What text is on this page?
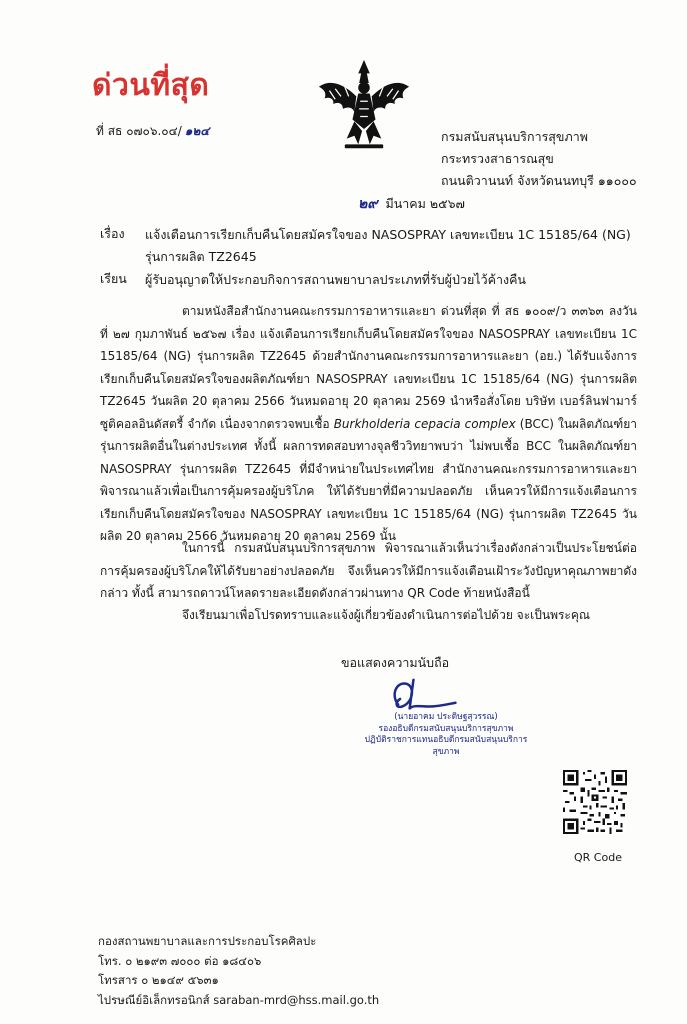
ด่วนที่สุด
ที่ สธ ๐๗๐๖.๐๔/ ๑๒๔	กรมสนับสนุนบริการสุขภาพ
กระทรวงสาธารณสุข
ถนนติวานนท์ จังหวัดนนทบุรี ๑๑๐๐๐
๒๙ มีนาคม ๒๕๖๗
เรื่อง แจ้งเตือนการเรียกเก็บคืนโดยสมัครใจของ NASOSPRAY เลขทะเบียน 1C 15185/64 (NG) รุ่นการผลิต TZ2645
เรียน ผู้รับอนุญาตให้ประกอบกิจการสถานพยาบาลประเภทที่รับผู้ป่วยไว้ค้างคืน

ตามหนังสือสำนักงานคณะกรรมการอาหารและยา ด่วนที่สุด ที่ สธ ๑๐๐๙/ว ๓๓๖๓ ลงวันที่ ๒๗ กุมภาพันธ์ ๒๕๖๗ เรื่อง แจ้งเตือนการเรียกเก็บคืนโดยสมัครใจของ NASOSPRAY เลขทะเบียน 1C 15185/64 (NG) รุ่นการผลิต TZ2645 ด้วยสำนักงานคณะกรรมการอาหารและยา (อย.) ได้รับแจ้งการเรียกเก็บคืนโดยสมัครใจของผลิตภัณฑ์ยา NASOSPRAY เลขทะเบียน 1C 15185/64 (NG) รุ่นการผลิต TZ2645 วันผลิต 20 ตุลาคม 2566 วันหมดอายุ 20 ตุลาคม 2569 นำหรือสั่งโดย บริษัท เบอร์ลินฟามาร์ซูติคอลอินดัสตรี้ จำกัด เนื่องจากตรวจพบเชื้อ Burkholderia cepacia complex (BCC) ในผลิตภัณฑ์ยารุ่นการผลิตอื่นในต่างประเทศ ทั้งนี้ ผลการทดสอบทางจุลชีววิทยาพบว่า ไม่พบเชื้อ BCC ในผลิตภัณฑ์ยา NASOSPRAY รุ่นการผลิต TZ2645 ที่มีจำหน่ายในประเทศไทย สำนักงานคณะกรรมการอาหารและยา พิจารณาแล้วเพื่อเป็นการคุ้มครองผู้บริโภค ให้ได้รับยาที่มีความปลอดภัย เห็นควรให้มีการแจ้งเตือนการเรียกเก็บคืนโดยสมัครใจของ NASOSPRAY เลขทะเบียน 1C 15185/64 (NG) รุ่นการผลิต TZ2645 วันผลิต 20 ตุลาคม 2566 วันหมดอายุ 20 ตุลาคม 2569 นั้น

ในการนี้ กรมสนับสนุนบริการสุขภาพ พิจารณาแล้วเห็นว่าเรื่องดังกล่าวเป็นประโยชน์ต่อการคุ้มครองผู้บริโภคให้ได้รับยาอย่างปลอดภัย จึงเห็นควรให้มีการแจ้งเตือนเฝ้าระวังปัญหาคุณภาพยาดังกล่าว ทั้งนี้ สามารถดาวน์โหลดรายละเอียดดังกล่าวผ่านทาง QR Code ท้ายหนังสือนี้

จึงเรียนมาเพื่อโปรดทราบและแจ้งผู้เกี่ยวข้องดำเนินการต่อไปด้วย จะเป็นพระคุณ

ขอแสดงความนับถือ
(นายอาคม ประดิษฐสุวรรณ)
รองอธิบดีกรมสนับสนุนบริการสุขภาพ
ปฏิบัติราชการแทนอธิบดีกรมสนับสนุนบริการสุขภาพ
QR Code
กองสถานพยาบาลและการประกอบโรคศิลปะ
โทร. ๐ ๒๑๙๓ ๗๐๐๐ ต่อ ๑๘๔๐๖
โทรสาร ๐ ๒๑๔๙ ๕๖๓๑
ไปรษณีย์อิเล็กทรอนิกส์ saraban-mrd@hss.mail.go.th
